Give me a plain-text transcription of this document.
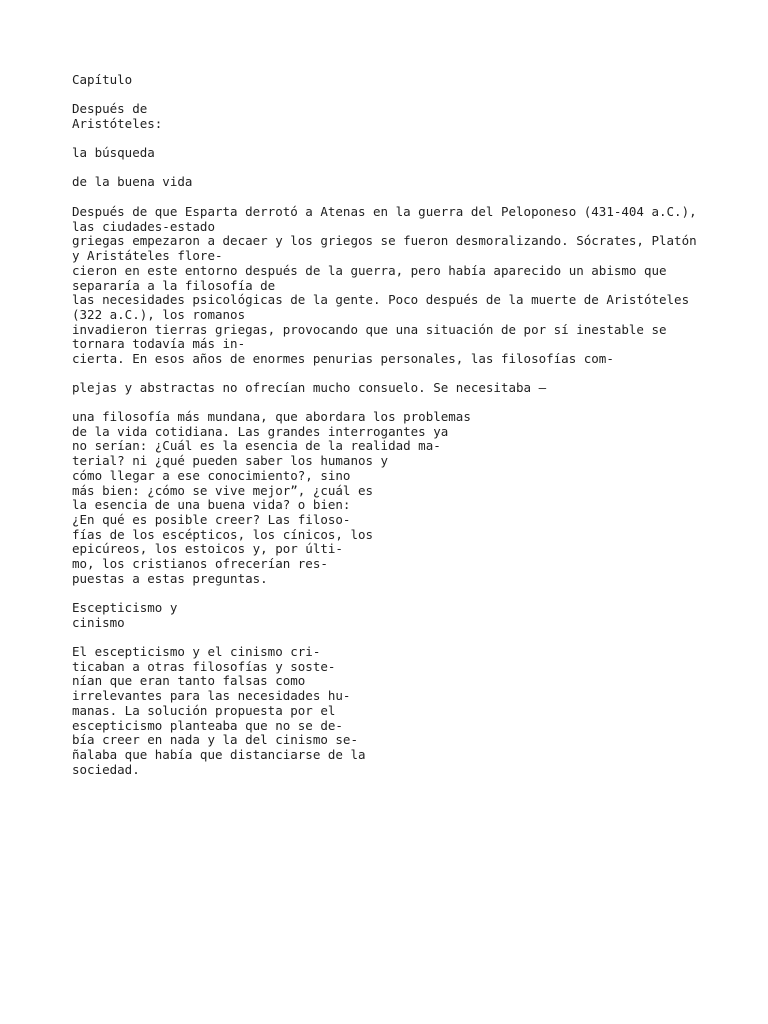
Capítulo

Después de
Aristóteles:

la búsqueda

de la buena vida

Después de que Esparta derrotó a Atenas en la guerra del Peloponeso (431-404 a.C.),
las ciudades-estado
griegas empezaron a decaer y los griegos se fueron desmoralizando. Sócrates, Platón
y Aristáteles flore-
cieron en este entorno después de la guerra, pero había aparecido un abismo que
separaría a la filosofía de
las necesidades psicológicas de la gente. Poco después de la muerte de Aristóteles
(322 a.C.), los romanos
invadieron tierras griegas, provocando que una situación de por sí inestable se
tornara todavía más in-
cierta. En esos años de enormes penurias personales, las filosofías com-

plejas y abstractas no ofrecían mucho consuelo. Se necesitaba —

una filosofía más mundana, que abordara los problemas
de la vida cotidiana. Las grandes interrogantes ya
no serían: ¿Cuál es la esencia de la realidad ma-
terial? ni ¿qué pueden saber los humanos y
cómo llegar a ese conocimiento?, sino
más bien: ¿cómo se vive mejor”, ¿cuál es
la esencia de una buena vida? o bien:
¿En qué es posible creer? Las filoso-
fías de los escépticos, los cínicos, los
epicúreos, los estoicos y, por últi-
mo, los cristianos ofrecerían res-
puestas a estas preguntas.

Escepticismo y
cinismo

El escepticismo y el cinismo cri-
ticaban a otras filosofías y soste-
nían que eran tanto falsas como
irrelevantes para las necesidades hu-
manas. La solución propuesta por el
escepticismo planteaba que no se de-
bía creer en nada y la del cinismo se-
ñalaba que había que distanciarse de la
sociedad.
